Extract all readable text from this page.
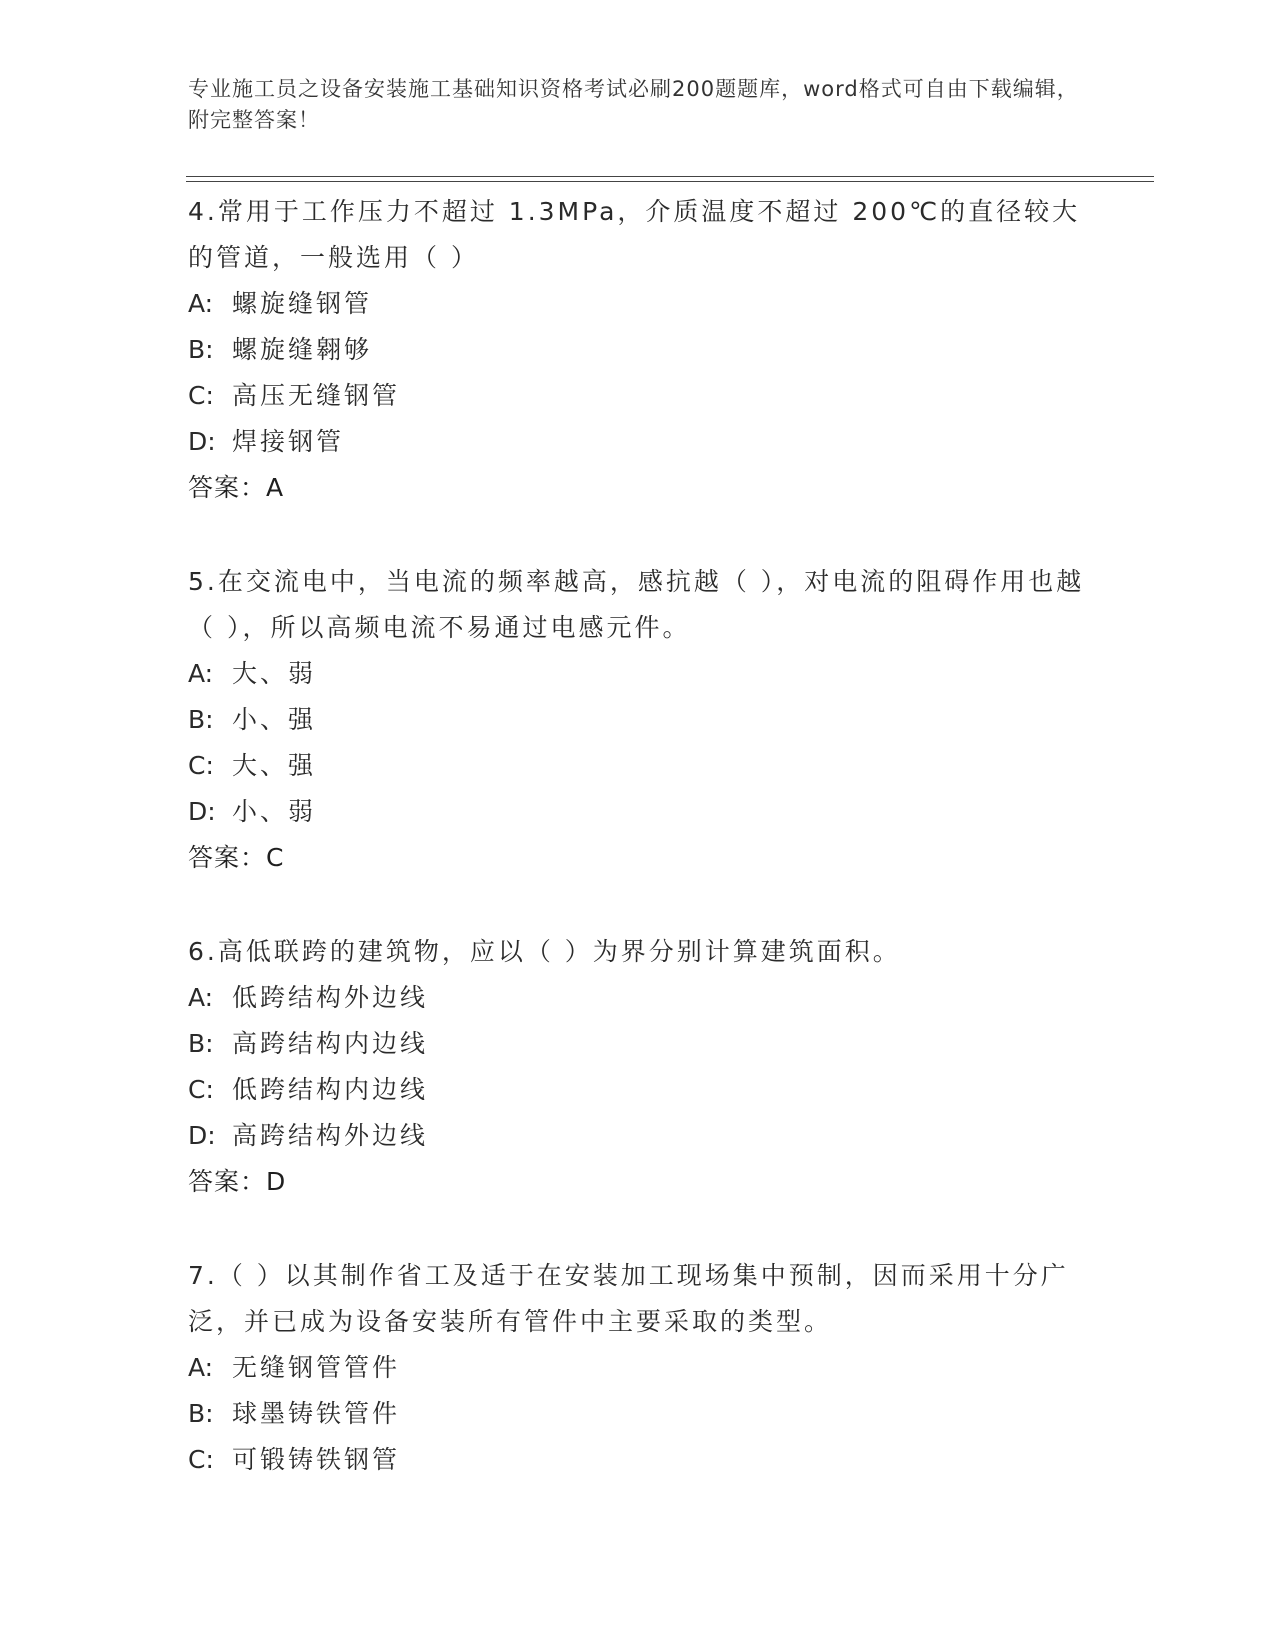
专业施工员之设备安装施工基础知识资格考试必刷200题题库，word格式可自由下载编辑，附完整答案！

4.常用于工作压力不超过 1.3MPa，介质温度不超过 200℃的直径较大的管道，一般选用（ ）

A: 螺旋缝钢管
B: 螺旋缝翱够
C: 高压无缝钢管
D: 焊接钢管
答案：A

5.在交流电中，当电流的频率越高，感抗越（ ），对电流的阻碍作用也越（ ），所以高频电流不易通过电感元件。

A: 大、弱
B: 小、强
C: 大、强
D: 小、弱
答案：C

6.高低联跨的建筑物，应以（ ）为界分别计算建筑面积。

A: 低跨结构外边线
B: 高跨结构内边线
C: 低跨结构内边线
D: 高跨结构外边线
答案：D

7.（ ）以其制作省工及适于在安装加工现场集中预制，因而采用十分广泛，并已成为设备安装所有管件中主要采取的类型。

A: 无缝钢管管件
B: 球墨铸铁管件
C: 可锻铸铁钢管
